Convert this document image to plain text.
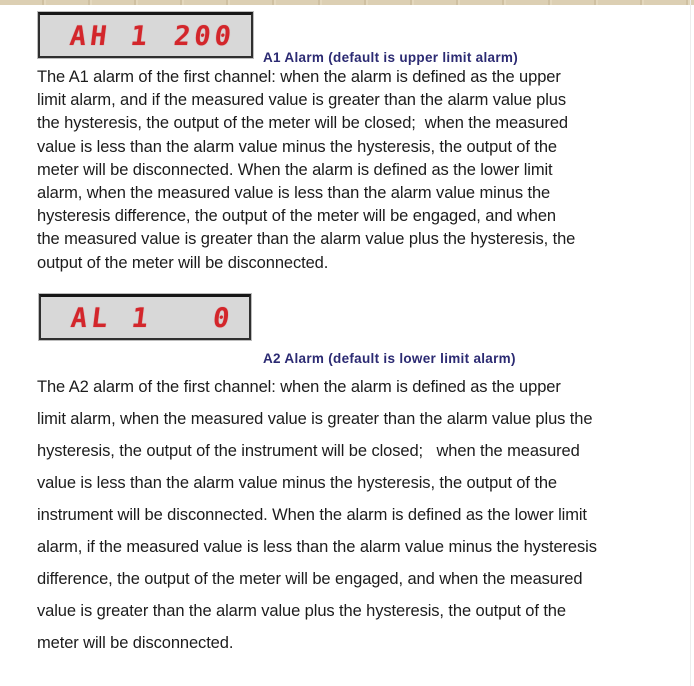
AH 1 200
A1 Alarm (default is upper limit alarm)
The A1 alarm of the first channel: when the alarm is defined as the upper
limit alarm, and if the measured value is greater than the alarm value plus
the hysteresis, the output of the meter will be closed;  when the measured
value is less than the alarm value minus the hysteresis, the output of the
meter will be disconnected. When the alarm is defined as the lower limit
alarm, when the measured value is less than the alarm value minus the
hysteresis difference, the output of the meter will be engaged, and when
the measured value is greater than the alarm value plus the hysteresis, the
output of the meter will be disconnected.
AL 1 0
A2 Alarm (default is lower limit alarm)
The A2 alarm of the first channel: when the alarm is defined as the upper
limit alarm, when the measured value is greater than the alarm value plus the
hysteresis, the output of the instrument will be closed;   when the measured
value is less than the alarm value minus the hysteresis, the output of the
instrument will be disconnected. When the alarm is defined as the lower limit
alarm, if the measured value is less than the alarm value minus the hysteresis
difference, the output of the meter will be engaged, and when the measured
value is greater than the alarm value plus the hysteresis, the output of the
meter will be disconnected.
